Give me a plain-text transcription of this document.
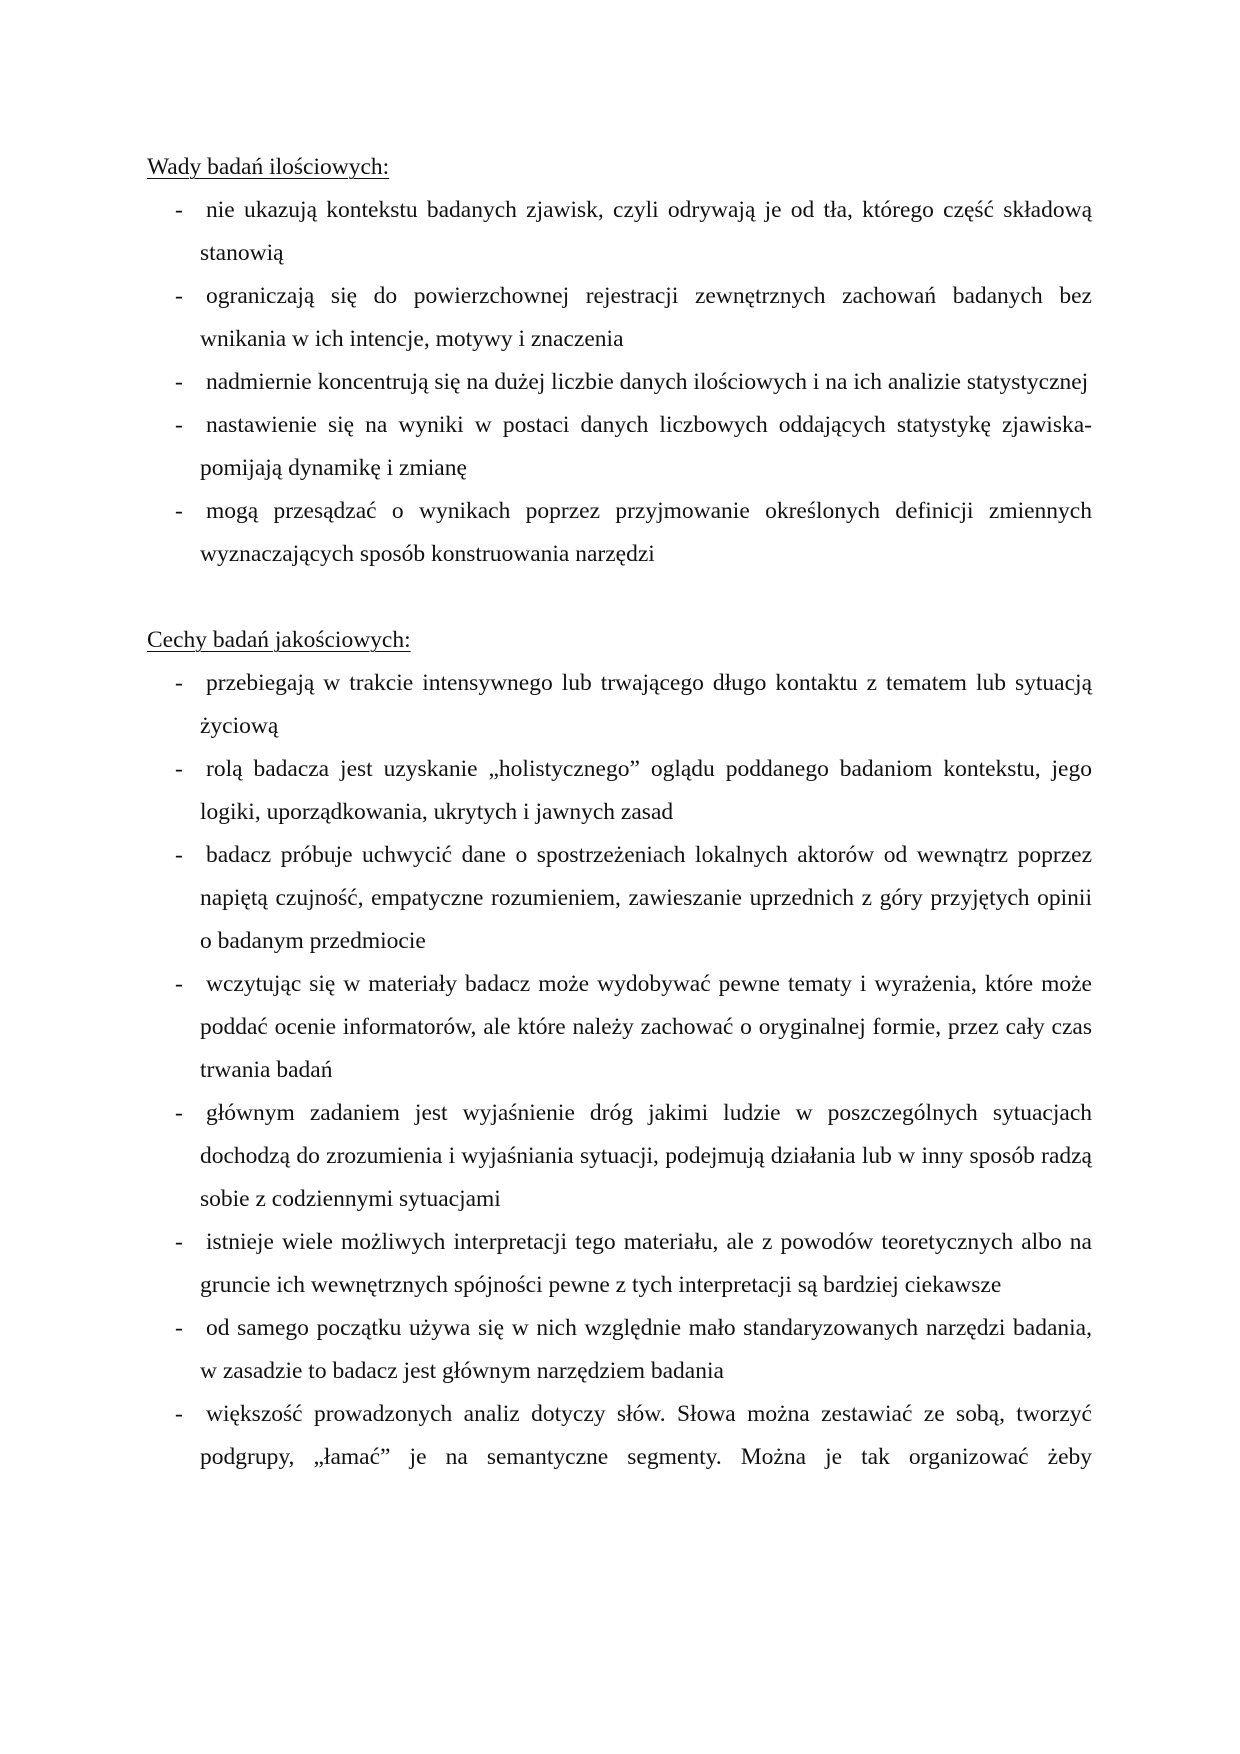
Wady badań ilościowych:
- nie ukazują kontekstu badanych zjawisk, czyli odrywają je od tła, którego część składową stanowią
- ograniczają się do powierzchownej rejestracji zewnętrznych zachowań badanych bez wnikania w ich intencje, motywy i znaczenia
- nadmiernie koncentrują się na dużej liczbie danych ilościowych i na ich analizie statystycznej
- nastawienie się na wyniki w postaci danych liczbowych oddających statystykę zjawiska- pomijają dynamikę i zmianę
- mogą przesądzać o wynikach poprzez przyjmowanie określonych definicji zmiennych wyznaczających sposób konstruowania narzędzi
Cechy badań jakościowych:
- przebiegają w trakcie intensywnego lub trwającego długo kontaktu z tematem lub sytuacją życiową
- rolą badacza jest uzyskanie „holistycznego” oglądu poddanego badaniom kontekstu, jego logiki, uporządkowania, ukrytych i jawnych zasad
- badacz próbuje uchwycić dane o spostrzeżeniach lokalnych aktorów od wewnątrz poprzez napiętą czujność, empatyczne rozumieniem, zawieszanie uprzednich z góry przyjętych opinii o badanym przedmiocie
- wczytując się w materiały badacz może wydobywać pewne tematy i wyrażenia, które może poddać ocenie informatorów, ale które należy zachować o oryginalnej formie, przez cały czas trwania badań
- głównym zadaniem jest wyjaśnienie dróg jakimi ludzie w poszczególnych sytuacjach dochodzą do zrozumienia i wyjaśniania sytuacji, podejmują działania lub w inny sposób radzą sobie z codziennymi sytuacjami
- istnieje wiele możliwych interpretacji tego materiału, ale z powodów teoretycznych albo na gruncie ich wewnętrznych spójności pewne z tych interpretacji są bardziej ciekawsze
- od samego początku używa się w nich względnie mało standaryzowanych narzędzi badania, w zasadzie to badacz jest głównym narzędziem badania
- większość prowadzonych analiz dotyczy słów. Słowa można zestawiać ze sobą, tworzyć podgrupy, „łamać” je na semantyczne segmenty. Można je tak organizować żeby
